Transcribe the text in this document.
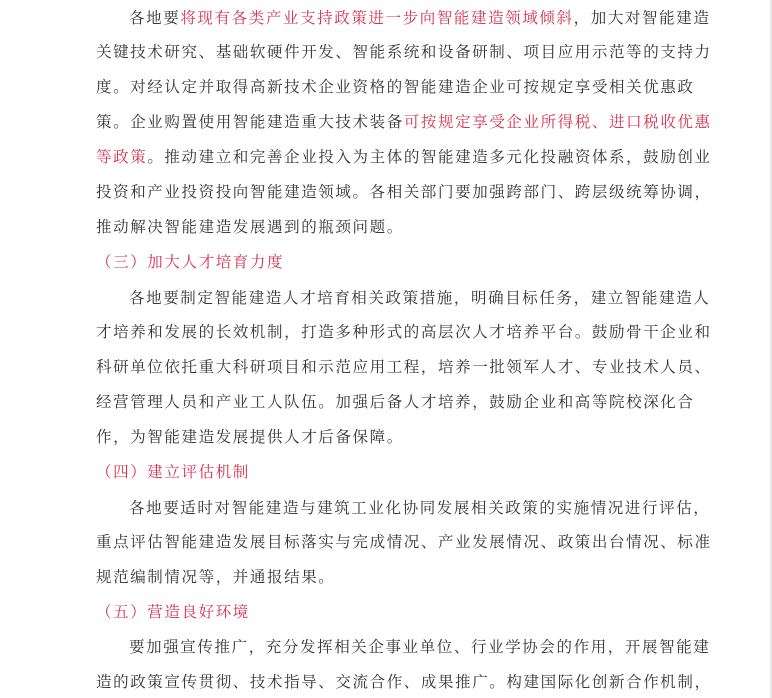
各地要将现有各类产业支持政策进一步向智能建造领域倾斜，加大对智能建造
关键技术研究、基础软硬件开发、智能系统和设备研制、项目应用示范等的支持力
度。对经认定并取得高新技术企业资格的智能建造企业可按规定享受相关优惠政
策。企业购置使用智能建造重大技术装备可按规定享受企业所得税、进口税收优惠
等政策。推动建立和完善企业投入为主体的智能建造多元化投融资体系，鼓励创业
投资和产业投资投向智能建造领域。各相关部门要加强跨部门、跨层级统筹协调，
推动解决智能建造发展遇到的瓶颈问题。
（三）加大人才培育力度
各地要制定智能建造人才培育相关政策措施，明确目标任务，建立智能建造人
才培养和发展的长效机制，打造多种形式的高层次人才培养平台。鼓励骨干企业和
科研单位依托重大科研项目和示范应用工程，培养一批领军人才、专业技术人员、
经营管理人员和产业工人队伍。加强后备人才培养，鼓励企业和高等院校深化合
作，为智能建造发展提供人才后备保障。
（四）建立评估机制
各地要适时对智能建造与建筑工业化协同发展相关政策的实施情况进行评估，
重点评估智能建造发展目标落实与完成情况、产业发展情况、政策出台情况、标准
规范编制情况等，并通报结果。
（五）营造良好环境
要加强宣传推广，充分发挥相关企事业单位、行业学协会的作用，开展智能建
造的政策宣传贯彻、技术指导、交流合作、成果推广。构建国际化创新合作机制，
